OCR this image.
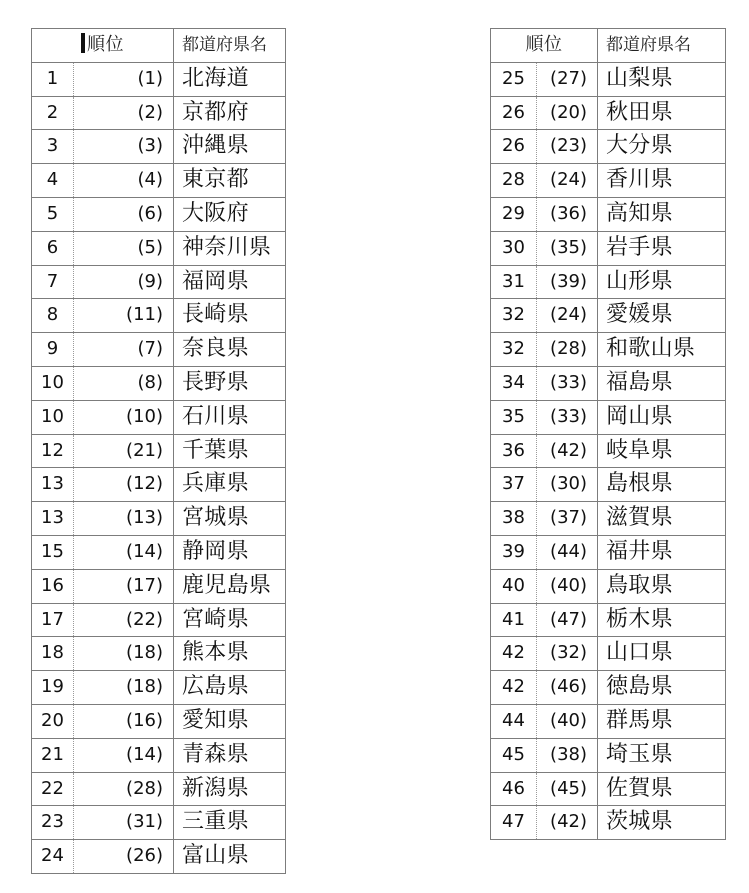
順位		都道府県名
1	(1)	北海道
2	(2)	京都府
3	(3)	沖縄県
4	(4)	東京都
5	(6)	大阪府
6	(5)	神奈川県
7	(9)	福岡県
8	(11)	長崎県
9	(7)	奈良県
10	(8)	長野県
10	(10)	石川県
12	(21)	千葉県
13	(12)	兵庫県
13	(13)	宮城県
15	(14)	静岡県
16	(17)	鹿児島県
17	(22)	宮崎県
18	(18)	熊本県
19	(18)	広島県
20	(16)	愛知県
21	(14)	青森県
22	(28)	新潟県
23	(31)	三重県
24	(26)	富山県
順位		都道府県名
25	(27)	山梨県
26	(20)	秋田県
26	(23)	大分県
28	(24)	香川県
29	(36)	高知県
30	(35)	岩手県
31	(39)	山形県
32	(24)	愛媛県
32	(28)	和歌山県
34	(33)	福島県
35	(33)	岡山県
36	(42)	岐阜県
37	(30)	島根県
38	(37)	滋賀県
39	(44)	福井県
40	(40)	鳥取県
41	(47)	栃木県
42	(32)	山口県
42	(46)	徳島県
44	(40)	群馬県
45	(38)	埼玉県
46	(45)	佐賀県
47	(42)	茨城県
